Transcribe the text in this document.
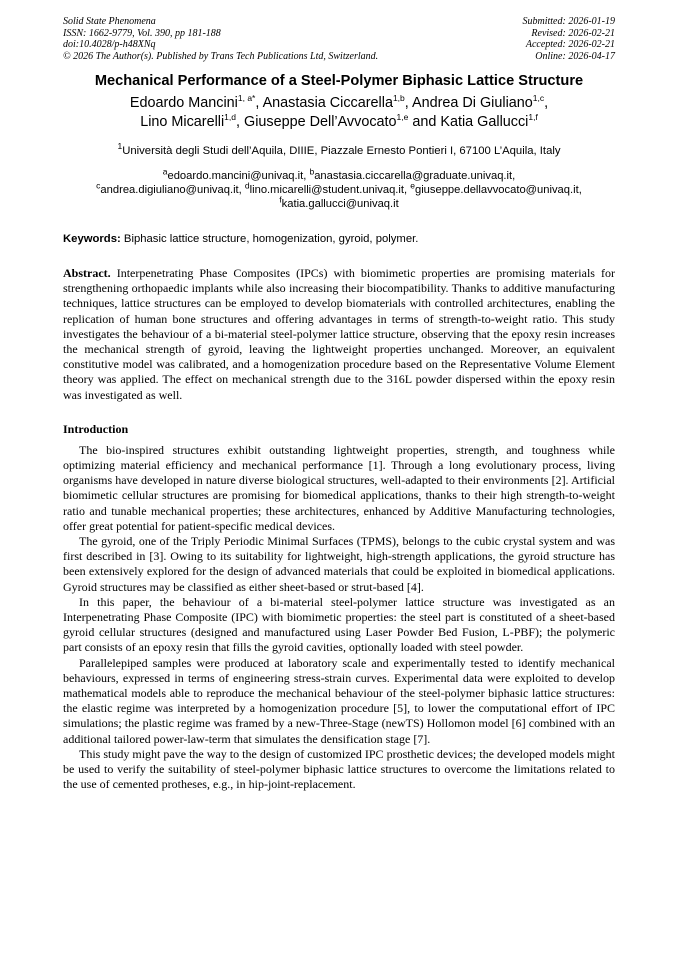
Solid State Phenomena
ISSN: 1662-9779, Vol. 390, pp 181-188
doi:10.4028/p-h48XNq
© 2026 The Author(s). Published by Trans Tech Publications Ltd, Switzerland.
Submitted: 2026-01-19
Revised: 2026-02-21
Accepted: 2026-02-21
Online: 2026-04-17
Mechanical Performance of a Steel-Polymer Biphasic Lattice Structure
Edoardo Mancini$^{1, a*}$, Anastasia Ciccarella$^{1,b}$, Andrea Di Giuliano$^{1,c}$,
Lino Micarelli$^{1,d}$, Giuseppe Dell’Avvocato$^{1,e}$ and Katia Gallucci$^{1,f}$
$^1$Università degli Studi dell’Aquila, DIIIE, Piazzale Ernesto Pontieri I, 67100 L’Aquila, Italy
$^a$edoardo.mancini@univaq.it, $^b$anastasia.ciccarella@graduate.univaq.it,
$^c$andrea.digiuliano@univaq.it, $^d$lino.micarelli@student.univaq.it, $^e$giuseppe.dellavvocato@univaq.it,
$^f$katia.gallucci@univaq.it
Keywords: Biphasic lattice structure, homogenization, gyroid, polymer.
Abstract. Interpenetrating Phase Composites (IPCs) with biomimetic properties are promising materials for strengthening orthopaedic implants while also increasing their biocompatibility. Thanks to additive manufacturing techniques, lattice structures can be employed to develop biomaterials with controlled architectures, enabling the replication of human bone structures and offering advantages in terms of strength-to-weight ratio. This study investigates the behaviour of a bi-material steel-polymer lattice structure, observing that the epoxy resin increases the mechanical strength of gyroid, leaving the lightweight properties unchanged. Moreover, an equivalent constitutive model was calibrated, and a homogenization procedure based on the Representative Volume Element theory was applied. The effect on mechanical strength due to the 316L powder dispersed within the epoxy resin was investigated as well.
Introduction

The bio-inspired structures exhibit outstanding lightweight properties, strength, and toughness while optimizing material efficiency and mechanical performance [1]. Through a long evolutionary process, living organisms have developed in nature diverse biological structures, well-adapted to their environments [2]. Artificial biomimetic cellular structures are promising for biomedical applications, thanks to their high strength-to-weight ratio and tunable mechanical properties; these architectures, enhanced by Additive Manufacturing technologies, offer great potential for patient-specific medical devices.

The gyroid, one of the Triply Periodic Minimal Surfaces (TPMS), belongs to the cubic crystal system and was first described in [3]. Owing to its suitability for lightweight, high-strength applications, the gyroid structure has been extensively explored for the design of advanced materials that could be exploited in biomedical applications. Gyroid structures may be classified as either sheet-based or strut-based [4].

In this paper, the behaviour of a bi-material steel-polymer lattice structure was investigated as an Interpenetrating Phase Composite (IPC) with biomimetic properties: the steel part is constituted of a sheet-based gyroid cellular structures (designed and manufactured using Laser Powder Bed Fusion, L-PBF); the polymeric part consists of an epoxy resin that fills the gyroid cavities, optionally loaded with steel powder.

Parallelepiped samples were produced at laboratory scale and experimentally tested to identify mechanical behaviours, expressed in terms of engineering stress-strain curves. Experimental data were exploited to develop mathematical models able to reproduce the mechanical behaviour of the steel-polymer biphasic lattice structures: the elastic regime was interpreted by a homogenization procedure [5], to lower the computational effort of IPC simulations; the plastic regime was framed by a new-Three-Stage (newTS) Hollomon model [6] combined with an additional tailored power-law-term that simulates the densification stage [7].

This study might pave the way to the design of customized IPC prosthetic devices; the developed models might be used to verify the suitability of steel-polymer biphasic lattice structures to overcome the limitations related to the use of cemented protheses, e.g., in hip-joint-replacement.
